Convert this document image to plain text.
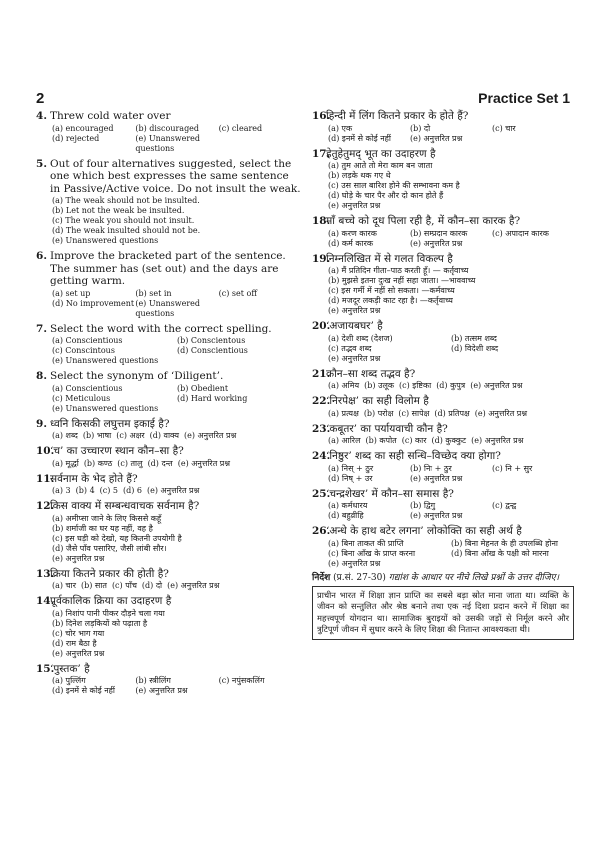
2	Practice Set 1
4. Threw cold water over
(a) encouraged	(b) discouraged	(c) cleared
(d) rejected	(e) Unanswered questions
5. Out of four alternatives suggested, select the one which best expresses the same sentence in Passive/Active voice. Do not insult the weak.
(a) The weak should not be insulted.
(b) Let not the weak be insulted.
(c) The weak you should not insult.
(d) The weak insulted should not be.
(e) Unanswered questions
6. Improve the bracketed part of the sentence. The summer has (set out) and the days are getting warm.
(a) set up	(b) set in	(c) set off
(d) No improvement (e) Unanswered questions
7. Select the word with the correct spelling.
(a) Conscientious	(b) Conscientous
(c) Conscintous	(d) Conscientious
(e) Unanswered questions
8. Select the synonym of ‘Diligent’.
(a) Conscientious	(b) Obedient
(c) Meticulous	(d) Hard working
(e) Unanswered questions
9. ध्वनि किसकी लघुत्तम इकाई है?
(a) शब्द (b) भाषा (c) अक्षर (d) वाक्य (e) अनुत्तरित प्रश्न
10.
‘च’ का उच्चारण स्थान कौन–सा है?
(a) मूर्द्धा (b) कण्ठ (c) तालु (d) दन्त (e) अनुत्तरित प्रश्न
11.
सर्वनाम के भेद होते हैं?
(a) 3 (b) 4 (c) 5 (d) 6 (e) अनुत्तरित प्रश्न
12.
किस वाक्य में सम्बन्धवाचक सर्वनाम है?
(a) अमीप्सा जाने के लिए किससे कहूँ
(b) शर्माजी का घर यह नहीं, वह है
(c) इस घड़ी को देखो, यह कितनी उपयोगी है
(d) जैसे पाँव पसारिए, जैसी लांबी सौर।
(e) अनुत्तरित प्रश्न
13.
क्रिया कितने प्रकार की होती है?
(a) चार (b) सात (c) पाँच (d) दो (e) अनुत्तरित प्रश्न
14.
पूर्वकालिक क्रिया का उदाहरण है
(a) निशांप पानी पीकर दौड़ने चला गया
(b) दिनेश लड़कियों को पढ़ाता है
(c) चोर भाग गया
(d) राम बैठा है
(e) अनुत्तरित प्रश्न
15.
‘पुस्तक’ है
(a) पुल्लिंग	(b) स्त्रीलिंग	(c) नपुंसकलिंग
(d) इनमें से कोई नहीं	(e) अनुत्तरित प्रश्न
16.
हिन्दी में लिंग कितने प्रकार के होते हैं?
(a) एक	(b) दो	(c) चार
(d) इनमें से कोई नहीं	(e) अनुत्तरित प्रश्न
17.
हेतुहेतुमद् भूत का उदाहरण है
(a) तुम आते तो मेरा काम बन जाता
(b) लड़के थक गए थे
(c) उस साल बारिश होने की सम्भावना कम है
(d) घोड़े के चार पैर और दो कान होते हैं
(e) अनुत्तरित प्रश्न
18.
माँ बच्चे को दूध पिला रही है, में कौन–सा कारक है?
(a) करण कारक	(b) सम्प्रदान कारक	(c) अपादान कारक
(d) कर्म कारक	(e) अनुत्तरित प्रश्न
19.
निम्नलिखित में से गलत विकल्प है
(a) मैं प्रतिदिन गीता–पाठ करती हूँ। — कर्तृवाच्य
(b) मुझसे इतना दुःख नहीं सहा जाता। —भाववाच्य
(c) इस गर्मी में नहीं सो सकता। —कर्मवाच्य
(d) मजदूर लकड़ी काट रहा है। —कर्तृवाच्य
(e) अनुत्तरित प्रश्न
20.
‘अजायबघर’ है
(a) देशी शब्द (देशज)	(b) तत्सम शब्द
(c) तद्भव शब्द	(d) विदेशी शब्द
(e) अनुत्तरित प्रश्न
21.
कौन–सा शब्द तद्भव है?
(a) अमिय (b) उलूक (c) इष्टिका (d) कुपुत्र (e) अनुत्तरित प्रश्न
22.
‘निरपेक्ष’ का सही विलोम है
(a) प्रत्यक्ष (b) परोक्ष (c) सापेक्ष (d) प्रतिपक्ष (e) अनुत्तरित प्रश्न
23.
‘कबूतर’ का पर्यायवाची कौन है?
(a) आरिल (b) कपोत (c) कार (d) कुक्कुट (e) अनुत्तरित प्रश्न
24.
‘निष्ठुर’ शब्द का सही सन्धि–विच्छेद क्या होगा?
(a) निस् + ठुर	(b) निः + ठुर	(c) नि + सुर
(d) निष् + उर	(e) अनुत्तरित प्रश्न
25.
‘चन्द्रशेखर’ में कौन–सा समास है?
(a) कर्मधारय	(b) द्विगु	(c) द्वन्द्व
(d) बहुव्रीहि	(e) अनुत्तरित प्रश्न
26.
‘अन्धे के हाथ बटेर लगना’ लोकोक्ति का सही अर्थ है
(a) बिना ताकत की प्राप्ति	(b) बिना मेहनत के ही उपलब्धि होना
(c) बिना आँख के प्राप्त करना	(d) बिना आँख के पक्षी को मारना
(e) अनुत्तरित प्रश्न
निर्देश (प्र.सं. 27-30) गद्यांश के आधार पर नीचे लिखे प्रश्नों के उत्तर दीजिए।
प्राचीन भारत में शिक्षा ज्ञान प्राप्ति का सबसे बड़ा स्रोत माना जाता था। व्यक्ति के जीवन को सन्तुलित और श्रेष्ठ बनाने तथा एक नई दिशा प्रदान करने में शिक्षा का महत्त्वपूर्ण योगदान था। सामाजिक बुराइयों को उसकी जड़ों से निर्मूल करने और त्रुटिपूर्ण जीवन में सुधार करने के लिए शिक्षा की नितान्त आवश्यकता थी।
